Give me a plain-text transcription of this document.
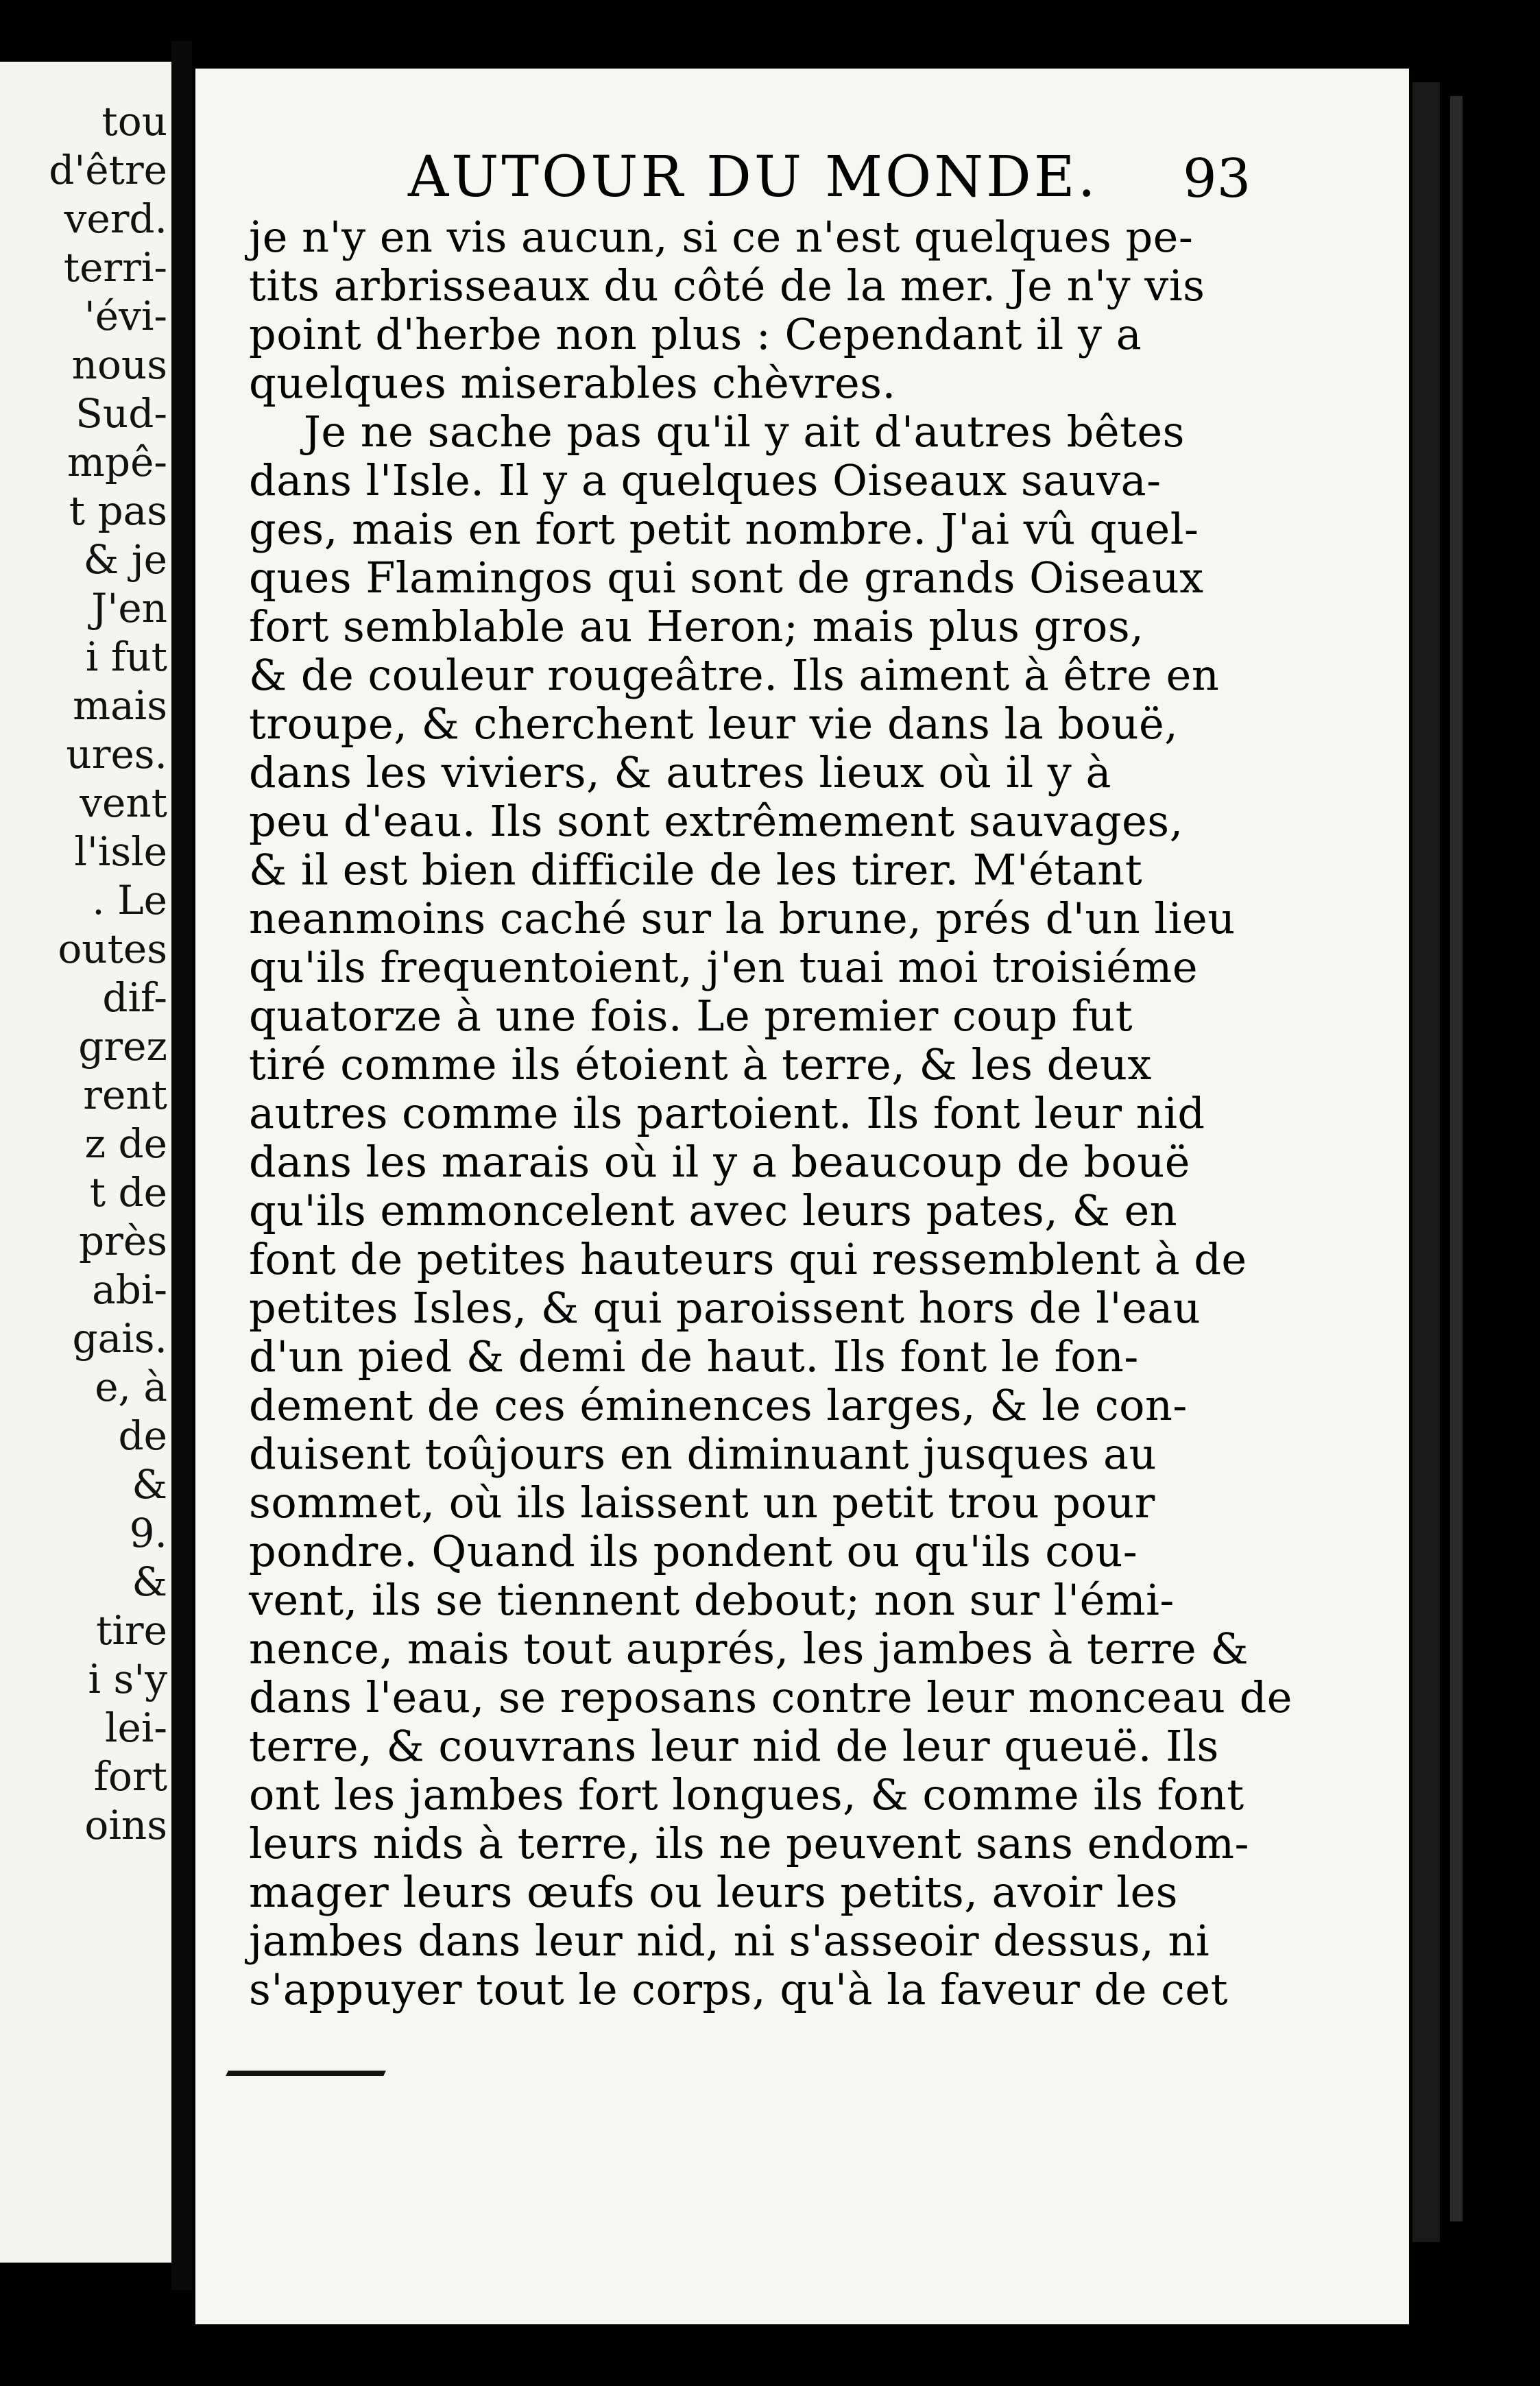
tou
d'être
verd.
terri-
'évi-
nous
Sud-
mpê-
t pas
& je
J'en
i fut
mais
ures.
vent
l'isle
. Le
outes
dif-
grez
rent
z de
t de
près
abi-
gais.
e, à
de
&
9.
&
tire
i s'y
lei-
fort
oins
AUTOUR DU MONDE.	93
je n'y en vis aucun, si ce n'est quelques pe-
tits arbrisseaux du côté de la mer. Je n'y vis
point d'herbe non plus : Cependant il y a
quelques miserables chèvres.
Je ne sache pas qu'il y ait d'autres bêtes
dans l'Isle. Il y a quelques Oiseaux sauva-
ges, mais en fort petit nombre. J'ai vû quel-
ques Flamingos qui sont de grands Oiseaux
fort semblable au Heron; mais plus gros,
& de couleur rougeâtre. Ils aiment à être en
troupe, & cherchent leur vie dans la bouë,
dans les viviers, & autres lieux où il y à
peu d'eau. Ils sont extrêmement sauvages,
& il est bien difficile de les tirer. M'étant
neanmoins caché sur la brune, prés d'un lieu
qu'ils frequentoient, j'en tuai moi troisiéme
quatorze à une fois. Le premier coup fut
tiré comme ils étoient à terre, & les deux
autres comme ils partoient. Ils font leur nid
dans les marais où il y a beaucoup de bouë
qu'ils emmoncelent avec leurs pates, & en
font de petites hauteurs qui ressemblent à de
petites Isles, & qui paroissent hors de l'eau
d'un pied & demi de haut. Ils font le fon-
dement de ces éminences larges, & le con-
duisent toûjours en diminuant jusques au
sommet, où ils laissent un petit trou pour
pondre. Quand ils pondent ou qu'ils cou-
vent, ils se tiennent debout; non sur l'émi-
nence, mais tout auprés, les jambes à terre &
dans l'eau, se reposans contre leur monceau de
terre, & couvrans leur nid de leur queuë. Ils
ont les jambes fort longues, & comme ils font
leurs nids à terre, ils ne peuvent sans endom-
mager leurs œufs ou leurs petits, avoir les
jambes dans leur nid, ni s'asseoir dessus, ni
s'appuyer tout le corps, qu'à la faveur de cet
